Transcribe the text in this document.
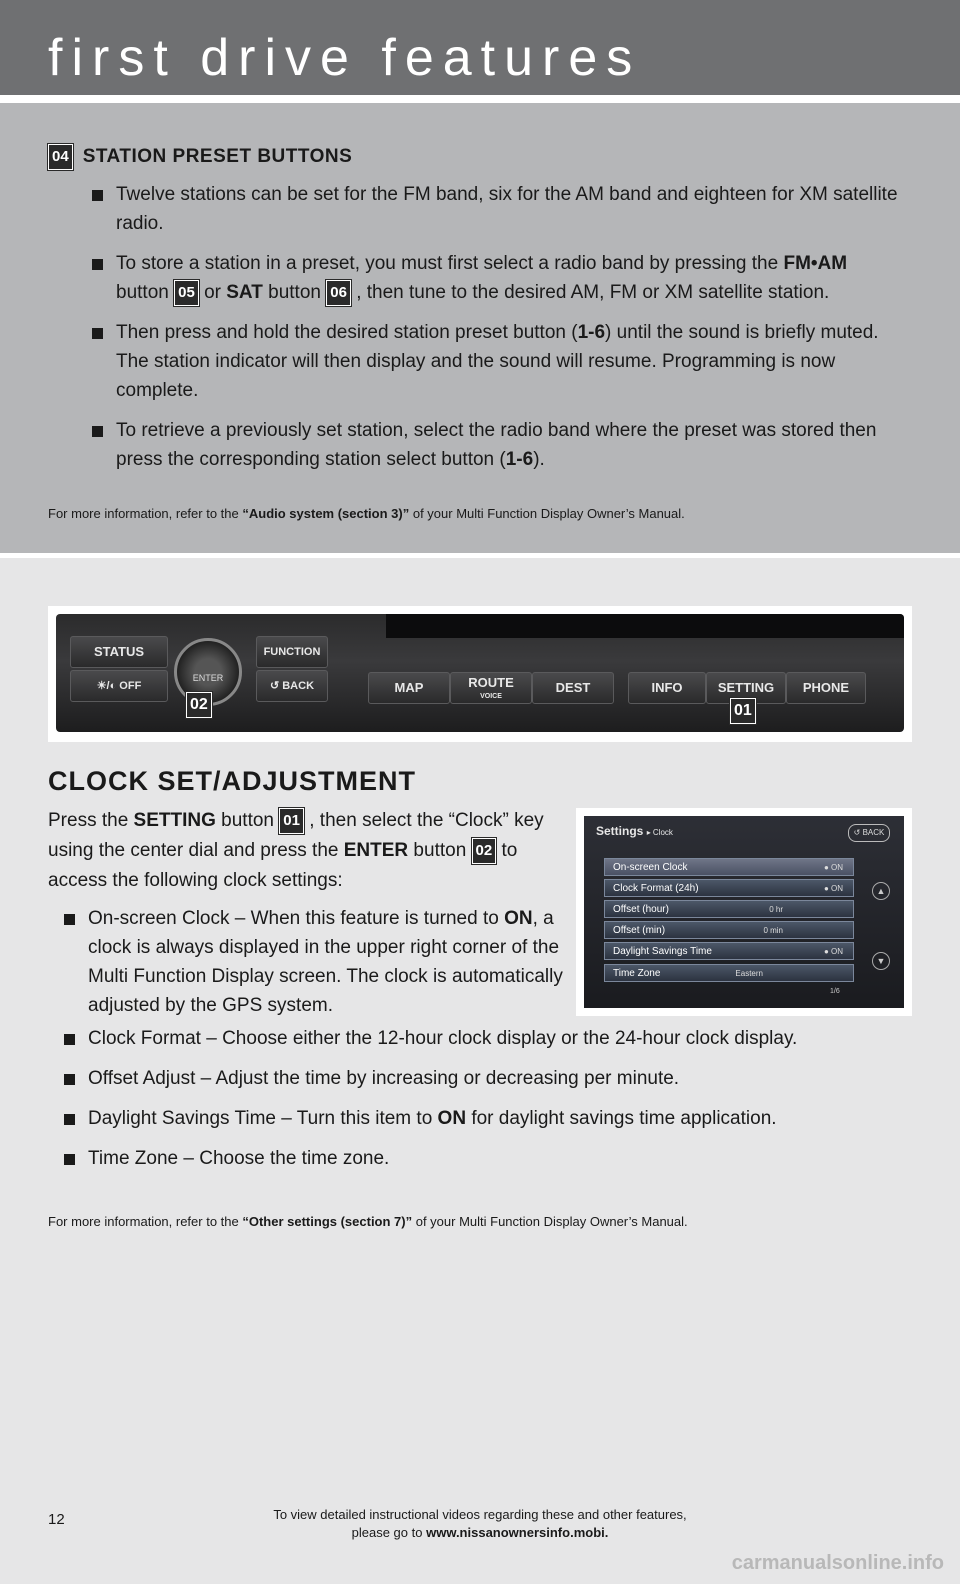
first drive features
04 STATION PRESET BUTTONS
Twelve stations can be set for the FM band, six for the AM band and eighteen for XM satellite radio.
To store a station in a preset, you must first select a radio band by pressing the FM•AM button 05 or SAT button 06 , then tune to the desired AM, FM or XM satellite station.
Then press and hold the desired station preset button (1-6) until the sound is briefly muted. The station indicator will then display and the sound will resume. Programming is now complete.
To retrieve a previously set station, select the radio band where the preset was stored then press the corresponding station select button (1-6).
For more information, refer to the “Audio system (section 3)” of your Multi Function Display Owner’s Manual.
STATUS
☀/◐ OFF
ENTER
FUNCTION
↺ BACK	MAP	ROUTE
VOICE
DEST	INFO	SETTING	PHONE
02	01
CLOCK SET/ADJUSTMENT
Press the SETTING button 01 , then select the “Clock” key using the center dial and press the ENTER button 02 to access the following clock settings:
On-screen Clock – When this feature is turned to ON, a clock is always displayed in the upper right corner of the Multi Function Display screen. The clock is automatically adjusted by the GPS system.
Clock Format – Choose either the 12-hour clock display or the 24-hour clock display.
Offset Adjust – Adjust the time by increasing or decreasing per minute.
Daylight Savings Time – Turn this item to ON for daylight savings time application.
Time Zone – Choose the time zone.
For more information, refer to the “Other settings (section 7)” of your Multi Function Display Owner’s Manual.
Settings ▸ Clock	↺ BACK
On-screen Clock	● ON
Clock Format (24h)	● ON
Offset (hour)	0 hr
Offset (min)	0 min
Daylight Savings Time	● ON
Time Zone	Eastern
▲
▼
1/6
12	To view detailed instructional videos regarding these and other features,
please go to www.nissanownersinfo.mobi.
carmanualsonline.info
